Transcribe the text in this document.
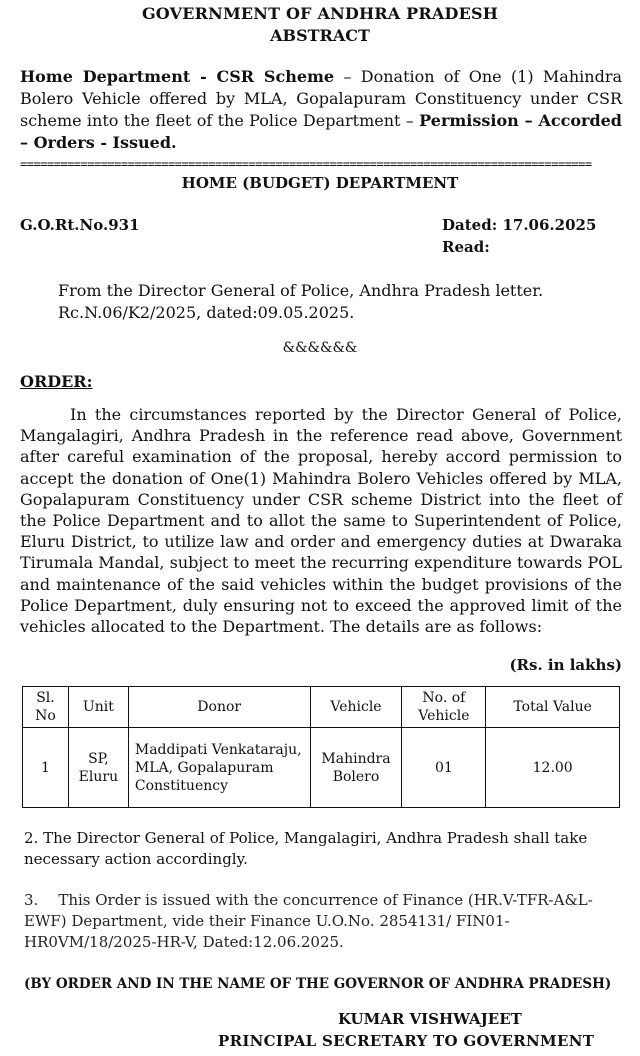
GOVERNMENT OF ANDHRA PRADESH
ABSTRACT
Home Department - CSR Scheme – Donation of One (1) Mahindra Bolero Vehicle offered by MLA, Gopalapuram Constituency under CSR scheme into the fleet of the Police Department – Permission – Accorded – Orders - Issued.
=====================================================================================
HOME (BUDGET) DEPARTMENT
G.O.Rt.No.931	Dated: 17.06.2025
Read:
From the Director General of Police, Andhra Pradesh letter.
Rc.N.06/K2/2025, dated:09.05.2025.
&&&&&&
ORDER:
In the circumstances reported by the Director General of Police, Mangalagiri, Andhra Pradesh in the reference read above, Government after careful examination of the proposal, hereby accord permission to accept the donation of One(1) Mahindra Bolero Vehicles offered by MLA, Gopalapuram Constituency under CSR scheme District into the fleet of the Police Department and to allot the same to Superintendent of Police, Eluru District, to utilize law and order and emergency duties at Dwaraka Tirumala Mandal, subject to meet the recurring expenditure towards POL and maintenance of the said vehicles within the budget provisions of the Police Department, duly ensuring not to exceed the approved limit of the vehicles allocated to the Department. The details are as follows:
(Rs. in lakhs)
Sl. No	Unit	Donor	Vehicle	No. of Vehicle	Total Value
1	SP, Eluru	Maddipati Venkataraju, MLA, Gopalapuram Constituency	Mahindra Bolero	01	12.00
2. The Director General of Police, Mangalagiri, Andhra Pradesh shall take necessary action accordingly.
3. This Order is issued with the concurrence of Finance (HR.V-TFR-A&L-EWF) Department, vide their Finance U.O.No. 2854131/ FIN01-HR0VM/18/2025-HR-V, Dated:12.06.2025.
(BY ORDER AND IN THE NAME OF THE GOVERNOR OF ANDHRA PRADESH)
KUMAR VISHWAJEET
PRINCIPAL SECRETARY TO GOVERNMENT
